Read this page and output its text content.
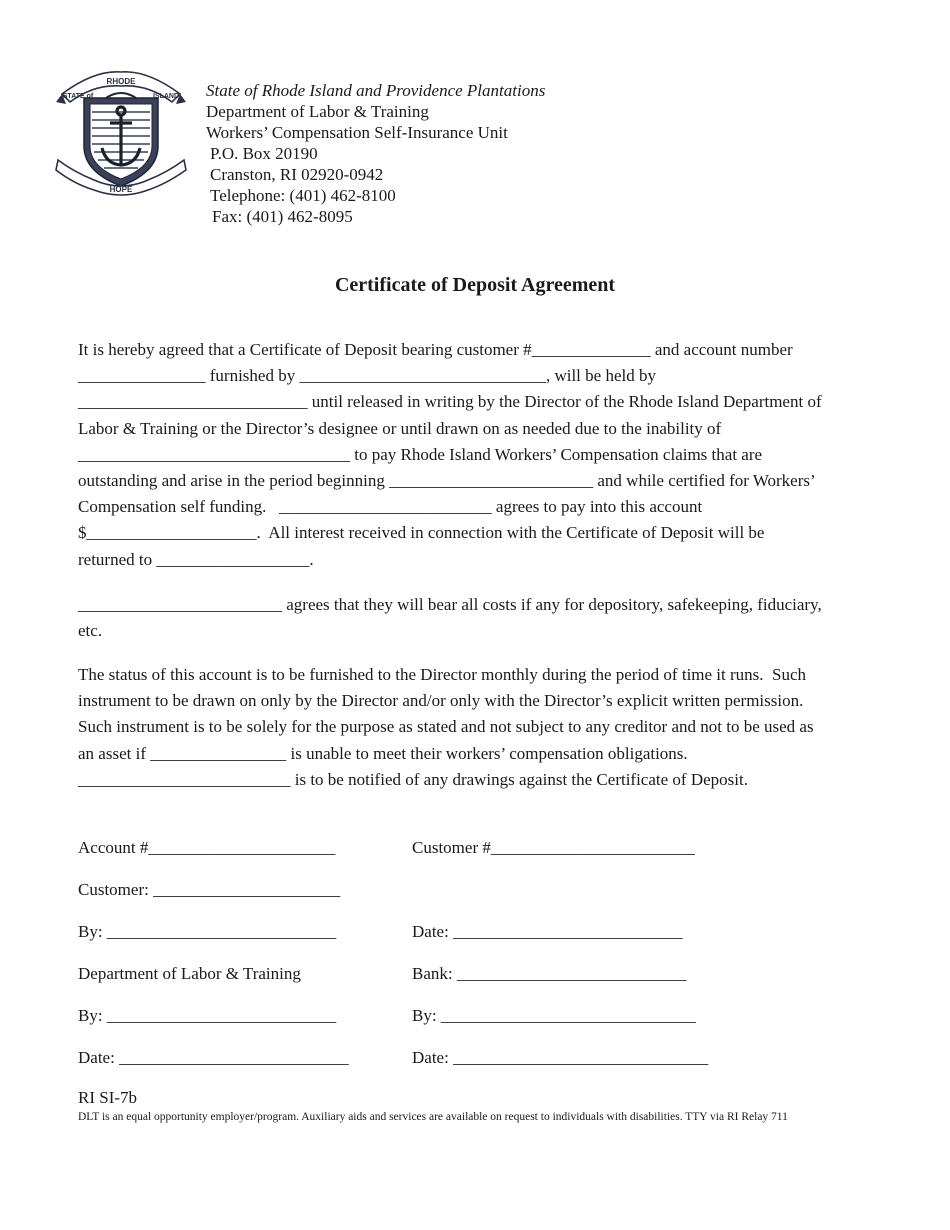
RHODE
STATE of	ISLAND
HOPE
State of Rhode Island and Providence Plantations
Department of Labor & Training
Workers’ Compensation Self-Insurance Unit
P.O. Box 20190
Cranston, RI 02920-0942
Telephone: (401) 462-8100
Fax: (401) 462-8095
Certificate of Deposit Agreement
It is hereby agreed that a Certificate of Deposit bearing customer #______________ and account number
_______________ furnished by _____________________________, will be held by
___________________________ until released in writing by the Director of the Rhode Island Department of
Labor & Training or the Director’s designee or until drawn on as needed due to the inability of
________________________________ to pay Rhode Island Workers’ Compensation claims that are
outstanding and arise in the period beginning ________________________ and while certified for Workers’
Compensation self funding.   _________________________ agrees to pay into this account
$____________________.  All interest received in connection with the Certificate of Deposit will be
returned to __________________.
________________________ agrees that they will bear all costs if any for depository, safekeeping, fiduciary,
etc.
The status of this account is to be furnished to the Director monthly during the period of time it runs.  Such
instrument to be drawn on only by the Director and/or only with the Director’s explicit written permission.
Such instrument is to be solely for the purpose as stated and not subject to any creditor and not to be used as
an asset if ________________ is unable to meet their workers’ compensation obligations.
_________________________ is to be notified of any drawings against the Certificate of Deposit.
Account #______________________	Customer #________________________
Customer: ______________________
By: ___________________________	Date: ___________________________
Department of Labor & Training	Bank: ___________________________
By: ___________________________	By: ______________________________
Date: ___________________________	Date: ______________________________
RI SI-7b
DLT is an equal opportunity employer/program. Auxiliary aids and services are available on request to individuals with disabilities. TTY via RI Relay 711
